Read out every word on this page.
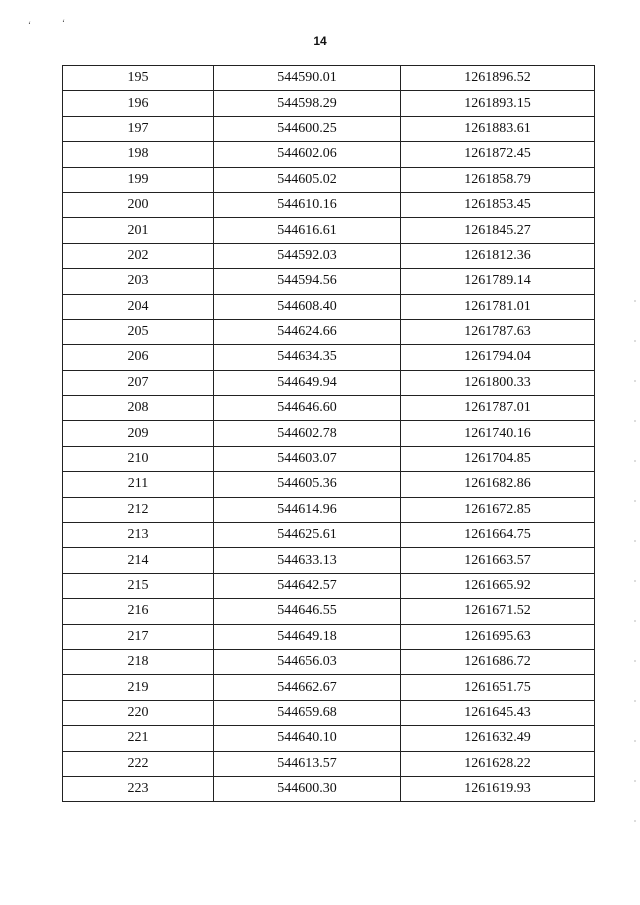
ʻ	ʻ
14
195	544590.01	1261896.52
196	544598.29	1261893.15
197	544600.25	1261883.61
198	544602.06	1261872.45
199	544605.02	1261858.79
200	544610.16	1261853.45
201	544616.61	1261845.27
202	544592.03	1261812.36
203	544594.56	1261789.14
204	544608.40	1261781.01
205	544624.66	1261787.63
206	544634.35	1261794.04
207	544649.94	1261800.33
208	544646.60	1261787.01
209	544602.78	1261740.16
210	544603.07	1261704.85
211	544605.36	1261682.86
212	544614.96	1261672.85
213	544625.61	1261664.75
214	544633.13	1261663.57
215	544642.57	1261665.92
216	544646.55	1261671.52
217	544649.18	1261695.63
218	544656.03	1261686.72
219	544662.67	1261651.75
220	544659.68	1261645.43
221	544640.10	1261632.49
222	544613.57	1261628.22
223	544600.30	1261619.93
